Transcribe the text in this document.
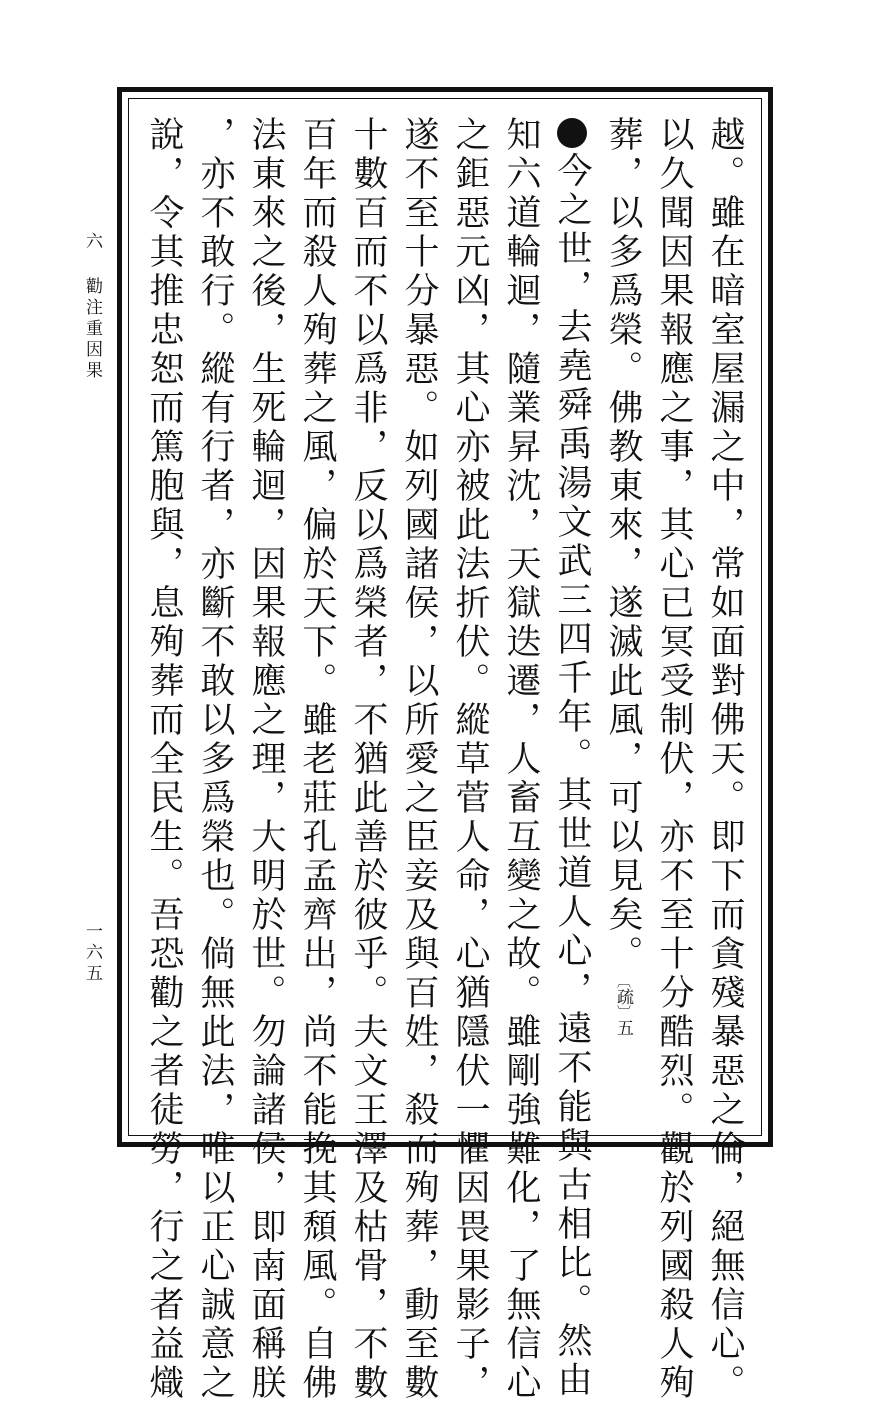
越。雖在暗室屋漏之中，常如面對佛天。即下而貪殘暴惡之倫，絕無信心。
以久聞因果報應之事，其心已冥受制伏，亦不至十分酷烈。觀於列國殺人殉
葬，以多爲榮。佛教東來，遂滅此風，可以見矣。〔疏〕五
今之世，去堯舜禹湯文武三四千年。其世道人心，遠不能與古相比。然由
知六道輪迴，隨業昇沈，天獄迭遷，人畜互變之故。雖剛強難化，了無信心
之鉅惡元凶，其心亦被此法折伏。縱草菅人命，心猶隱伏一懼因畏果影子，
遂不至十分暴惡。如列國諸侯，以所愛之臣妾及與百姓，殺而殉葬，動至數
十數百而不以爲非，反以爲榮者，不猶此善於彼乎。夫文王澤及枯骨，不數
百年而殺人殉葬之風，偏於天下。雖老莊孔孟齊出，尚不能挽其頹風。自佛
法東來之後，生死輪迴，因果報應之理，大明於世。勿論諸侯，即南面稱朕
，亦不敢行。縱有行者，亦斷不敢以多爲榮也。倘無此法，唯以正心誠意之
說，令其推忠恕而篤胞與，息殉葬而全民生。吾恐勸之者徒勞，行之者益熾
六
勸注重因果
一六五
